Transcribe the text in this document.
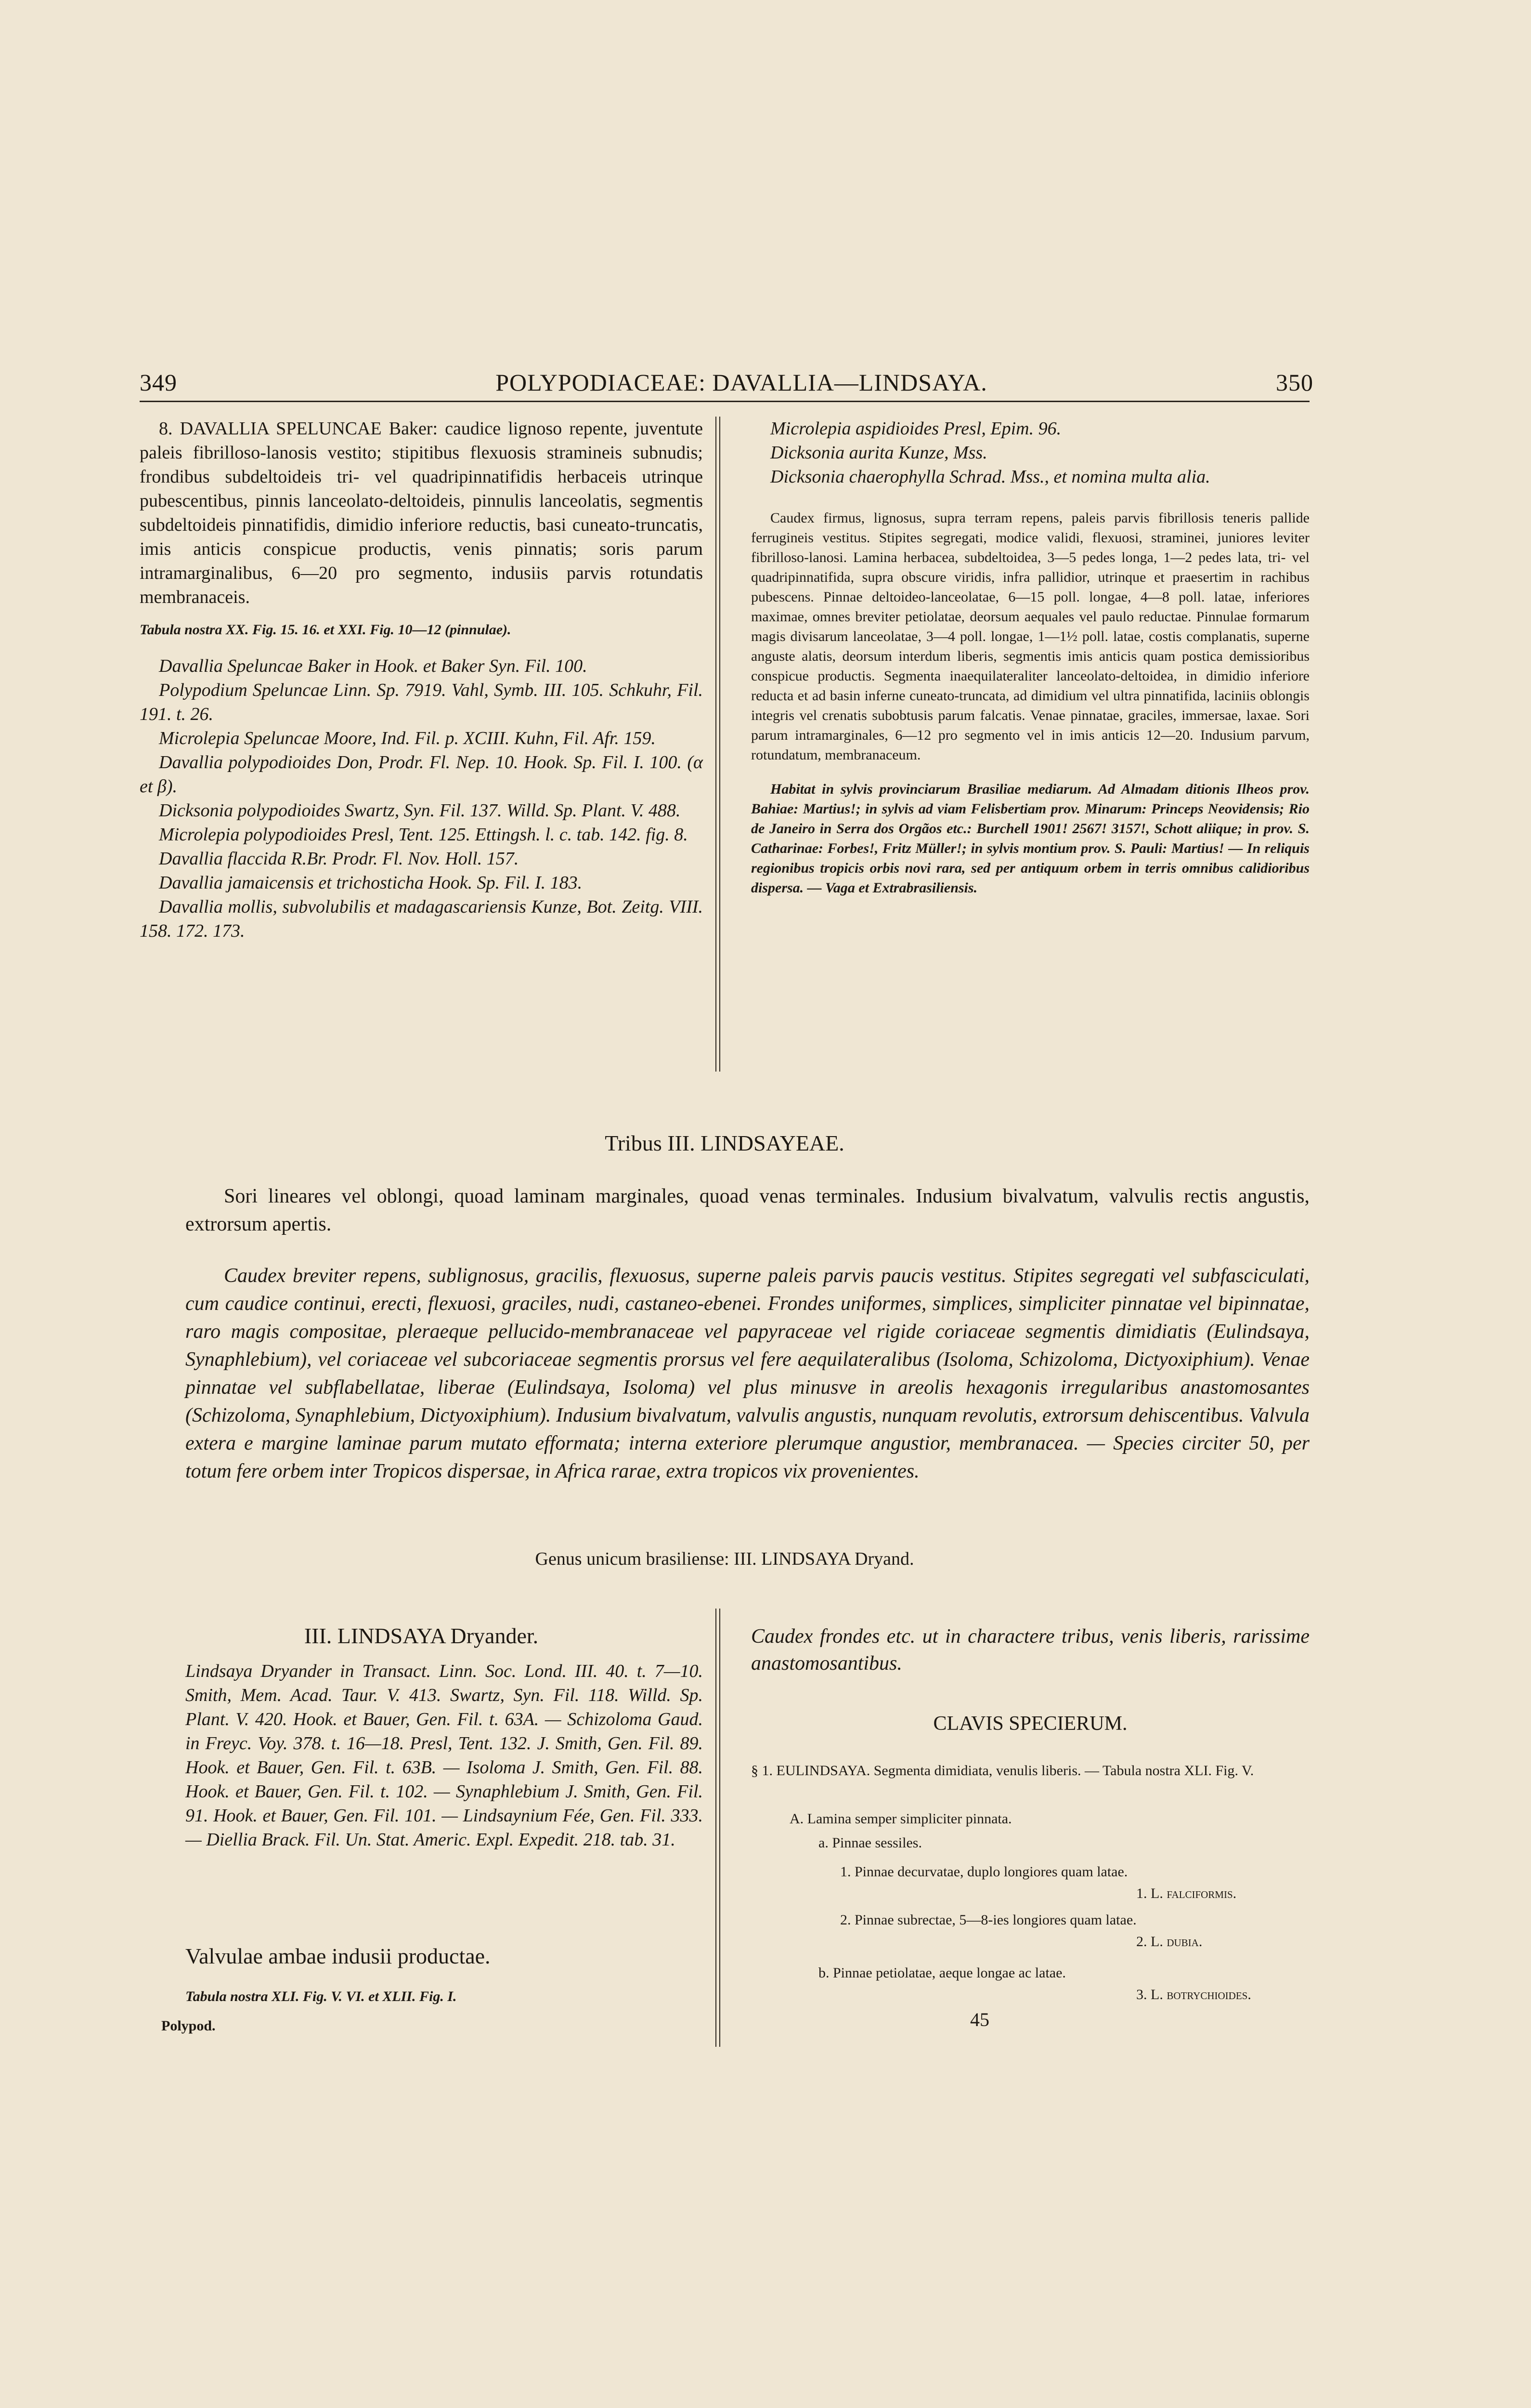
349	POLYPODIACEAE: DAVALLIA—LINDSAYA.	350

8. DAVALLIA SPELUNCAE Baker: caudice lignoso repente, juventute paleis fibrilloso-lanosis vestito; stipitibus flexuosis stramineis subnudis; frondibus subdeltoideis tri- vel quadripinnatifidis herbaceis utrinque pubescentibus, pinnis lanceolato-deltoideis, pinnulis lanceolatis, segmentis subdeltoideis pinnatifidis, dimidio inferiore reductis, basi cuneato-truncatis, imis anticis conspicue productis, venis pinnatis; soris parum intramarginalibus, 6—20 pro segmento, indusiis parvis rotundatis membranaceis.

Tabula nostra XX. Fig. 15. 16. et XXI. Fig. 10—12 (pinnulae).

Davallia Speluncae Baker in Hook. et Baker Syn. Fil. 100.

Polypodium Speluncae Linn. Sp. 7919. Vahl, Symb. III. 105. Schkuhr, Fil. 191. t. 26.

Microlepia Speluncae Moore, Ind. Fil. p. XCIII. Kuhn, Fil. Afr. 159.

Davallia polypodioides Don, Prodr. Fl. Nep. 10. Hook. Sp. Fil. I. 100. (α et β).

Dicksonia polypodioides Swartz, Syn. Fil. 137. Willd. Sp. Plant. V. 488.

Microlepia polypodioides Presl, Tent. 125. Ettingsh. l. c. tab. 142. fig. 8.

Davallia flaccida R.Br. Prodr. Fl. Nov. Holl. 157.

Davallia jamaicensis et trichosticha Hook. Sp. Fil. I. 183.

Davallia mollis, subvolubilis et madagascariensis Kunze, Bot. Zeitg. VIII. 158. 172. 173.

Microlepia aspidioides Presl, Epim. 96.

Dicksonia aurita Kunze, Mss.

Dicksonia chaerophylla Schrad. Mss., et nomina multa alia.

Caudex firmus, lignosus, supra terram repens, paleis parvis fibrillosis teneris pallide ferrugineis vestitus. Stipites segregati, modice validi, flexuosi, straminei, juniores leviter fibrilloso-lanosi. Lamina herbacea, subdeltoidea, 3—5 pedes longa, 1—2 pedes lata, tri- vel quadripinnatifida, supra obscure viridis, infra pallidior, utrinque et praesertim in rachibus pubescens. Pinnae deltoideo-lanceolatae, 6—15 poll. longae, 4—8 poll. latae, inferiores maximae, omnes breviter petiolatae, deorsum aequales vel paulo reductae. Pinnulae formarum magis divisarum lanceolatae, 3—4 poll. longae, 1—1½ poll. latae, costis complanatis, superne anguste alatis, deorsum interdum liberis, segmentis imis anticis quam postica demissioribus conspicue productis. Segmenta inaequilateraliter lanceolato-deltoidea, in dimidio inferiore reducta et ad basin inferne cuneato-truncata, ad dimidium vel ultra pinnatifida, laciniis oblongis integris vel crenatis subobtusis parum falcatis. Venae pinnatae, graciles, immersae, laxae. Sori parum intramarginales, 6—12 pro segmento vel in imis anticis 12—20. Indusium parvum, rotundatum, membranaceum.

Habitat in sylvis provinciarum Brasiliae mediarum. Ad Almadam ditionis Ilheos prov. Bahiae: Martius!; in sylvis ad viam Felisbertiam prov. Minarum: Princeps Neovidensis; Rio de Janeiro in Serra dos Orgãos etc.: Burchell 1901! 2567! 3157!, Schott aliique; in prov. S. Catharinae: Forbes!, Fritz Müller!; in sylvis montium prov. S. Pauli: Martius! — In reliquis regionibus tropicis orbis novi rara, sed per antiquum orbem in terris omnibus calidioribus dispersa. — Vaga et Extrabrasiliensis.

Tribus III. LINDSAYEAE.
Sori lineares vel oblongi, quoad laminam marginales, quoad venas terminales. Indusium bivalvatum, valvulis rectis angustis, extrorsum apertis.
Caudex breviter repens, sublignosus, gracilis, flexuosus, superne paleis parvis paucis vestitus. Stipites segregati vel subfasciculati, cum caudice continui, erecti, flexuosi, graciles, nudi, castaneo-ebenei. Frondes uniformes, simplices, simpliciter pinnatae vel bipinnatae, raro magis compositae, pleraeque pellucido-membranaceae vel papyraceae vel rigide coriaceae segmentis dimidiatis (Eulindsaya, Synaphlebium), vel coriaceae vel subcoriaceae segmentis prorsus vel fere aequilateralibus (Isoloma, Schizoloma, Dictyoxiphium). Venae pinnatae vel subflabellatae, liberae (Eulindsaya, Isoloma) vel plus minusve in areolis hexagonis irregularibus anastomosantes (Schizoloma, Synaphlebium, Dictyoxiphium). Indusium bivalvatum, valvulis angustis, nunquam revolutis, extrorsum dehiscentibus. Valvula extera e margine laminae parum mutato efformata; interna exteriore plerumque angustior, membranacea. — Species circiter 50, per totum fere orbem inter Tropicos dispersae, in Africa rarae, extra tropicos vix provenientes.
Genus unicum brasiliense: III. LINDSAYA Dryand.
III. LINDSAYA Dryander.
Lindsaya Dryander in Transact. Linn. Soc. Lond. III. 40. t. 7—10. Smith, Mem. Acad. Taur. V. 413. Swartz, Syn. Fil. 118. Willd. Sp. Plant. V. 420. Hook. et Bauer, Gen. Fil. t. 63A. — Schizoloma Gaud. in Freyc. Voy. 378. t. 16—18. Presl, Tent. 132. J. Smith, Gen. Fil. 89. Hook. et Bauer, Gen. Fil. t. 63B. — Isoloma J. Smith, Gen. Fil. 88. Hook. et Bauer, Gen. Fil. t. 102. — Synaphlebium J. Smith, Gen. Fil. 91. Hook. et Bauer, Gen. Fil. 101. — Lindsaynium Fée, Gen. Fil. 333. — Diellia Brack. Fil. Un. Stat. Americ. Expl. Expedit. 218. tab. 31.
Valvulae ambae indusii productae.
Tabula nostra XLI. Fig. V. VI. et XLII. Fig. I.
Caudex frondes etc. ut in charactere tribus, venis liberis, rarissime anastomosantibus.
CLAVIS SPECIERUM.
§ 1. EULINDSAYA. Segmenta dimidiata, venulis liberis. — Tabula nostra XLI. Fig. V.
A. Lamina semper simpliciter pinnata.
a. Pinnae sessiles.
1. Pinnae decurvatae, duplo longiores quam latae.
1. L. falciformis.
2. Pinnae subrectae, 5—8-ies longiores quam latae.
2. L. dubia.
b. Pinnae petiolatae, aeque longae ac latae.
3. L. botrychioides.
Polypod.	45
